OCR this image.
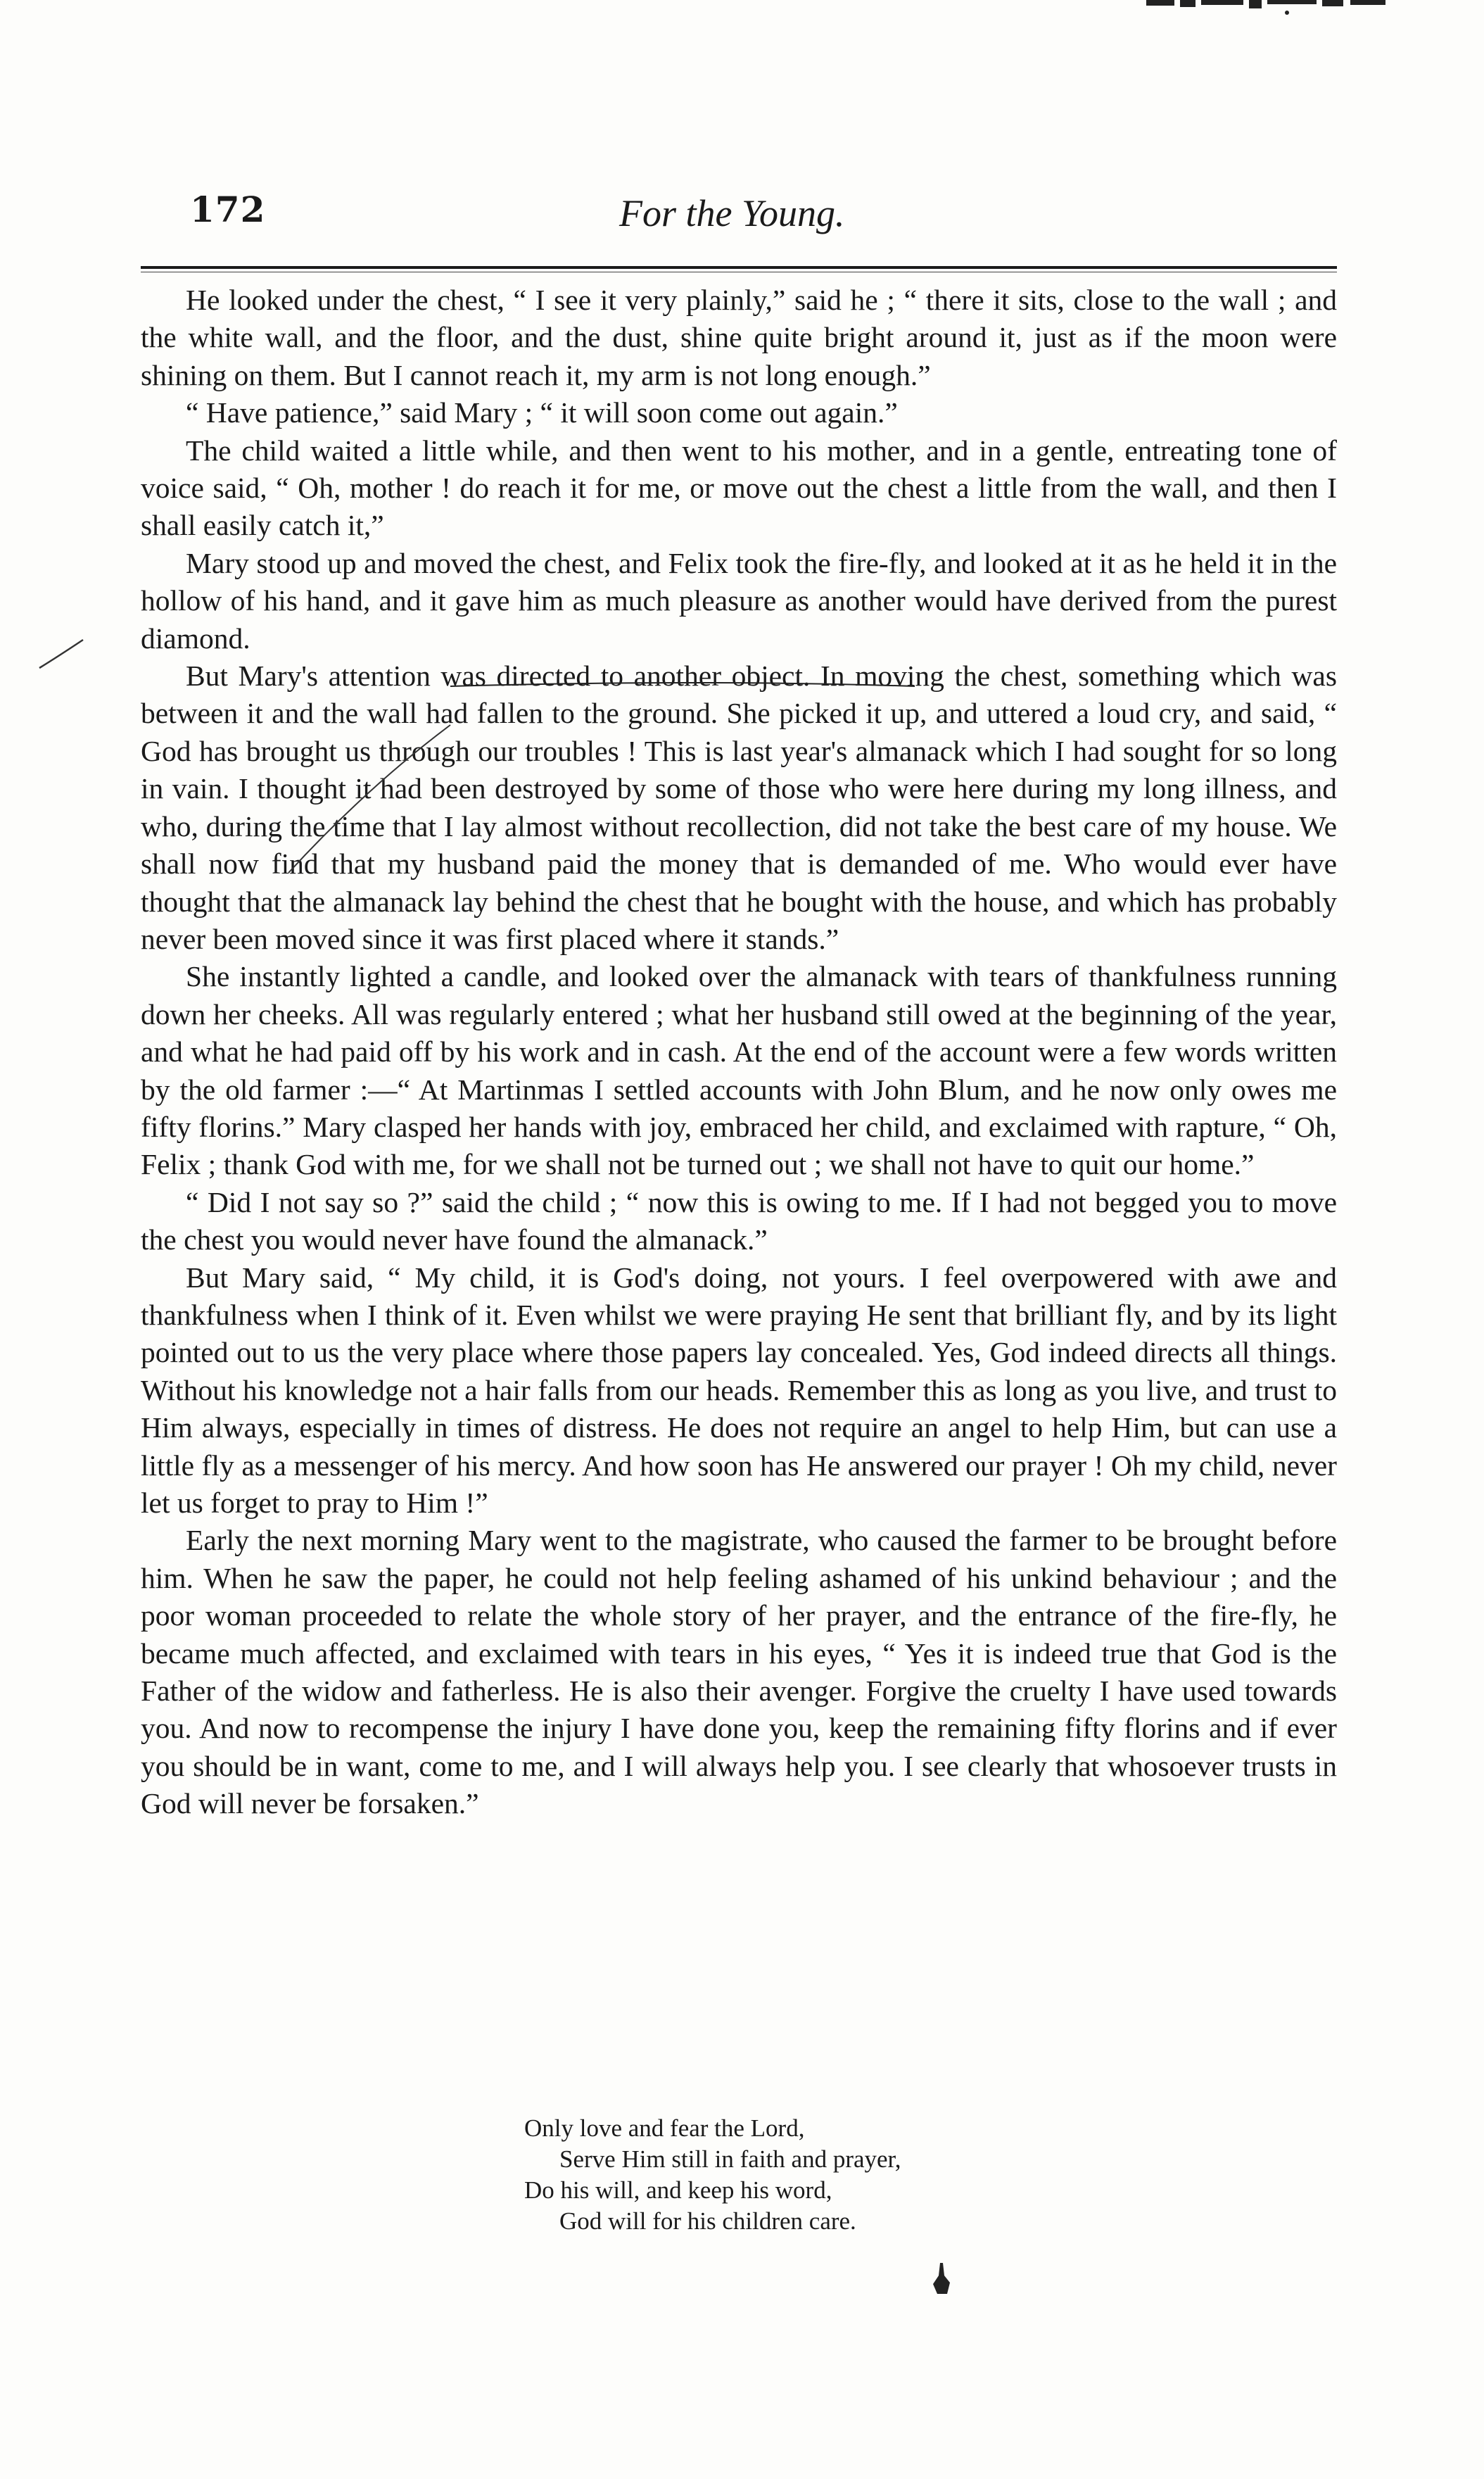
172	For the Young.

He looked under the chest, “ I see it very plainly,” said he ; “ there it sits, close to the wall ; and the white wall, and the floor, and the dust, shine quite bright around it, just as if the moon were shining on them. But I cannot reach it, my arm is not long enough.”

“ Have patience,” said Mary ; “ it will soon come out again.”

The child waited a little while, and then went to his mother, and in a gentle, entreating tone of voice said, “ Oh, mother ! do reach it for me, or move out the chest a little from the wall, and then I shall easily catch it,”

Mary stood up and moved the chest, and Felix took the fire-fly, and looked at it as he held it in the hollow of his hand, and it gave him as much pleasure as another would have derived from the purest diamond.

But Mary's attention was directed to another object. In moving the chest, something which was between it and the wall had fallen to the ground. She picked it up, and uttered a loud cry, and said, “ God has brought us through our troubles ! This is last year's almanack which I had sought for so long in vain. I thought it had been destroyed by some of those who were here during my long illness, and who, during the time that I lay almost without recollection, did not take the best care of my house. We shall now find that my husband paid the money that is demanded of me. Who would ever have thought that the almanack lay behind the chest that he bought with the house, and which has probably never been moved since it was first placed where it stands.”

She instantly lighted a candle, and looked over the almanack with tears of thankfulness running down her cheeks. All was regularly entered ; what her husband still owed at the beginning of the year, and what he had paid off by his work and in cash. At the end of the account were a few words written by the old farmer :—“ At Martinmas I settled accounts with John Blum, and he now only owes me fifty florins.” Mary clasped her hands with joy, embraced her child, and exclaimed with rapture, “ Oh, Felix ; thank God with me, for we shall not be turned out ; we shall not have to quit our home.”

“ Did I not say so ?” said the child ; “ now this is owing to me. If I had not begged you to move the chest you would never have found the almanack.”

But Mary said, “ My child, it is God's doing, not yours. I feel overpowered with awe and thankfulness when I think of it. Even whilst we were praying He sent that brilliant fly, and by its light pointed out to us the very place where those papers lay concealed. Yes, God indeed directs all things. Without his knowledge not a hair falls from our heads. Remember this as long as you live, and trust to Him always, especially in times of distress. He does not require an angel to help Him, but can use a little fly as a messenger of his mercy. And how soon has He answered our prayer ! Oh my child, never let us forget to pray to Him !”

Early the next morning Mary went to the magistrate, who caused the farmer to be brought before him. When he saw the paper, he could not help feeling ashamed of his unkind behaviour ; and the poor woman proceeded to relate the whole story of her prayer, and the entrance of the fire-fly, he became much affected, and exclaimed with tears in his eyes, “ Yes it is indeed true that God is the Father of the widow and fatherless. He is also their avenger. Forgive the cruelty I have used towards you. And now to recompense the injury I have done you, keep the remaining fifty florins and if ever you should be in want, come to me, and I will always help you. I see clearly that whosoever trusts in God will never be forsaken.”

Only love and fear the Lord,
Serve Him still in faith and prayer,
Do his will, and keep his word,
God will for his children care.
